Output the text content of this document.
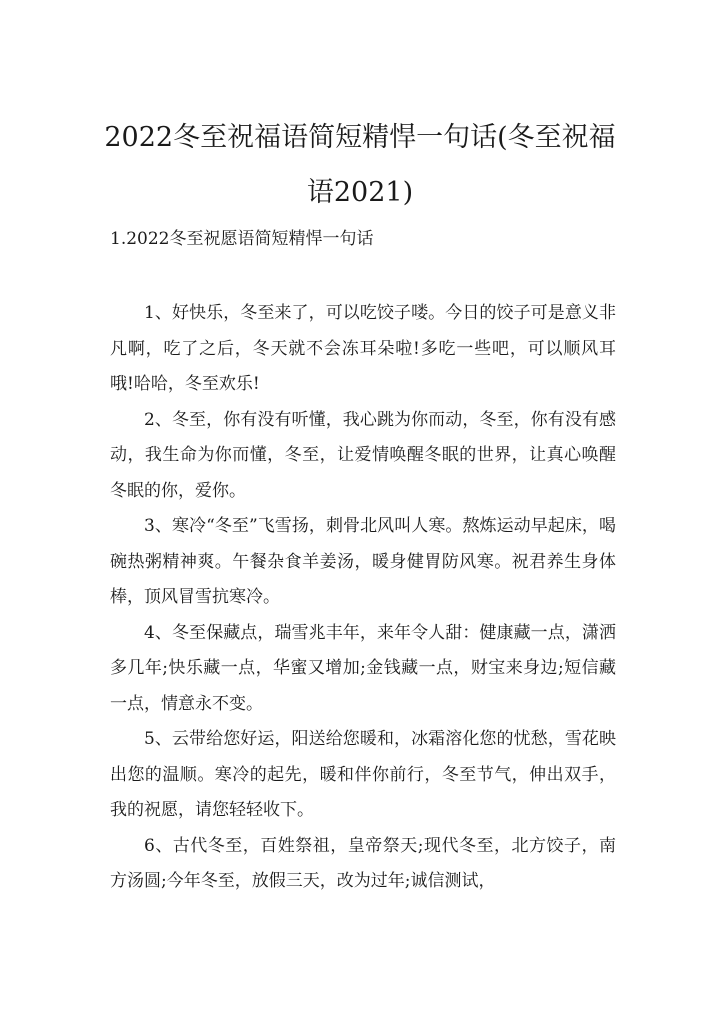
2022冬至祝福语简短精悍一句话(冬至祝福语2021)
1.2022冬至祝愿语简短精悍一句话

1、好快乐，冬至来了，可以吃饺子喽。今日的饺子可是意义非凡啊，吃了之后，冬天就不会冻耳朵啦!多吃一些吧，可以顺风耳哦!哈哈，冬至欢乐!

2、冬至，你有没有听懂，我心跳为你而动，冬至，你有没有感动，我生命为你而懂，冬至，让爱情唤醒冬眠的世界，让真心唤醒冬眠的你，爱你。

3、寒冷“冬至”飞雪扬，刺骨北风叫人寒。熬炼运动早起床，喝碗热粥精神爽。午餐杂食羊姜汤，暖身健胃防风寒。祝君养生身体棒，顶风冒雪抗寒冷。

4、冬至保藏点，瑞雪兆丰年，来年令人甜：健康藏一点，潇洒多几年;快乐藏一点，华蜜又增加;金钱藏一点，财宝来身边;短信藏一点，情意永不变。

5、云带给您好运，阳送给您暖和，冰霜溶化您的忧愁，雪花映出您的温顺。寒冷的起先，暖和伴你前行，冬至节气，伸出双手，我的祝愿，请您轻轻收下。

6、古代冬至，百姓祭祖，皇帝祭天;现代冬至，北方饺子，南方汤圆;今年冬至，放假三天，改为过年;诚信测试，
